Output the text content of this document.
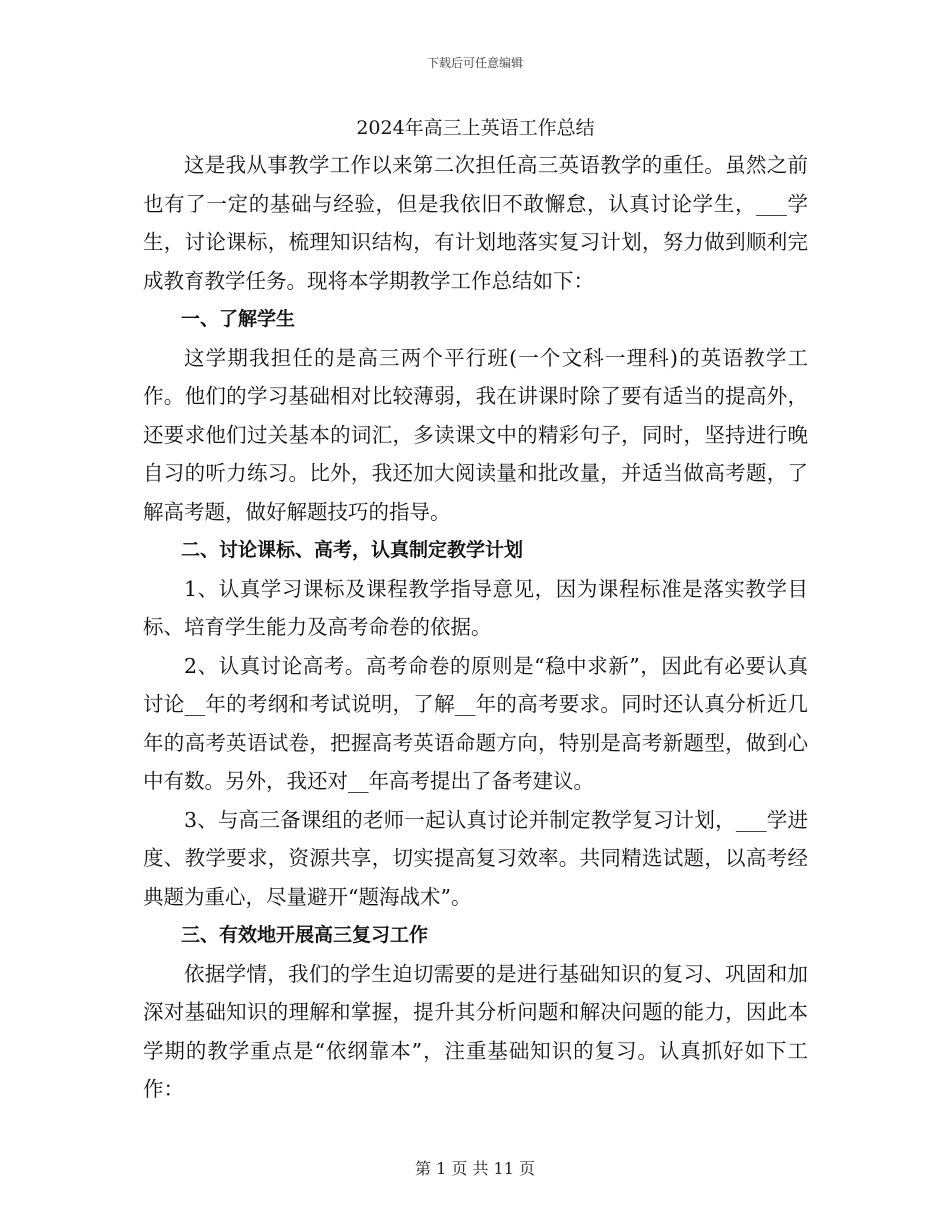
下载后可任意编辑
2024年高三上英语工作总结

这是我从事教学工作以来第二次担任高三英语教学的重任。虽然之前也有了一定的基础与经验，但是我依旧不敢懈怠，认真讨论学生，___学生，讨论课标，梳理知识结构，有计划地落实复习计划，努力做到顺利完成教育教学任务。现将本学期教学工作总结如下：

一、了解学生

这学期我担任的是高三两个平行班(一个文科一理科)的英语教学工作。他们的学习基础相对比较薄弱，我在讲课时除了要有适当的提高外，还要求他们过关基本的词汇，多读课文中的精彩句子，同时，坚持进行晚自习的听力练习。比外，我还加大阅读量和批改量，并适当做高考题，了解高考题，做好解题技巧的指导。

二、讨论课标、高考，认真制定教学计划

1、认真学习课标及课程教学指导意见，因为课程标准是落实教学目标、培育学生能力及高考命卷的依据。

2、认真讨论高考。高考命卷的原则是“稳中求新”，因此有必要认真讨论__年的考纲和考试说明，了解__年的高考要求。同时还认真分析近几年的高考英语试卷，把握高考英语命题方向，特别是高考新题型，做到心中有数。另外，我还对__年高考提出了备考建议。

3、与高三备课组的老师一起认真讨论并制定教学复习计划，___学进度、教学要求，资源共享，切实提高复习效率。共同精选试题，以高考经典题为重心，尽量避开“题海战术”。

三、有效地开展高三复习工作

依据学情，我们的学生迫切需要的是进行基础知识的复习、巩固和加深对基础知识的理解和掌握，提升其分析问题和解决问题的能力，因此本学期的教学重点是“依纲靠本”，注重基础知识的复习。认真抓好如下工作：

第 1 页 共 11 页
